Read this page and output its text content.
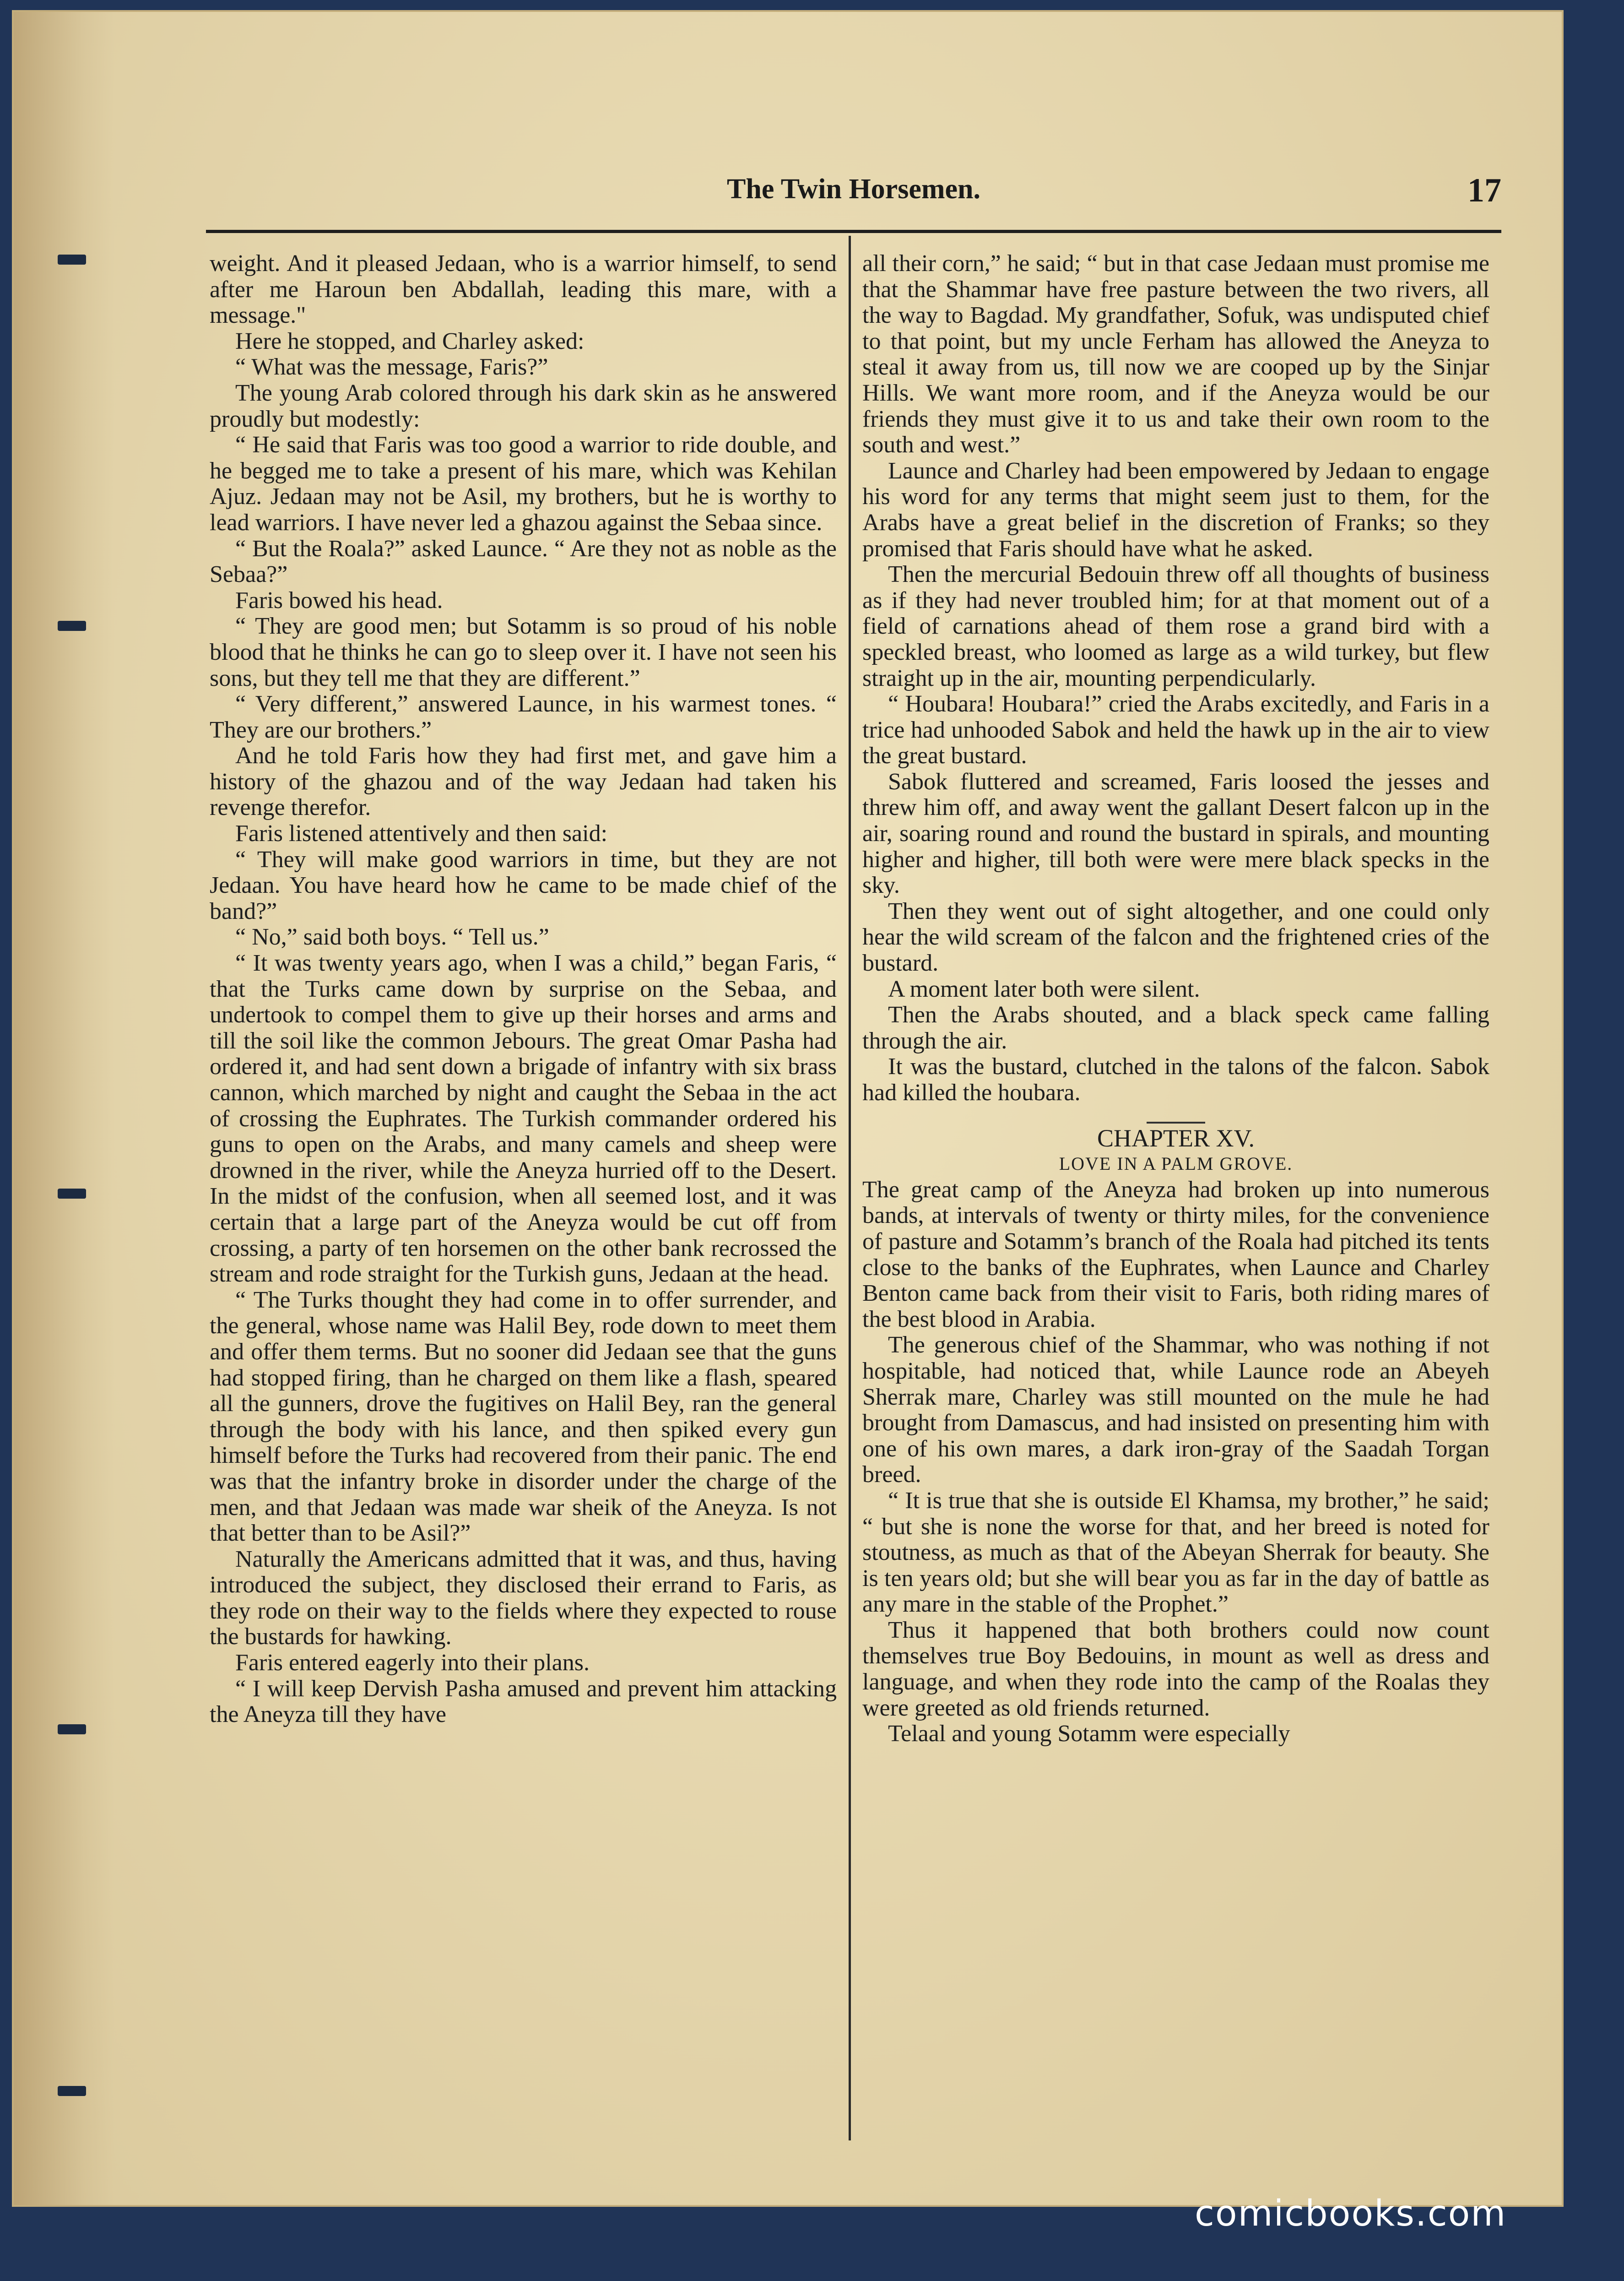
The Twin Horsemen.	17

weight. And it pleased Jedaan, who is a warrior himself, to send after me Haroun ben Abdallah, leading this mare, with a message."

Here he stopped, and Charley asked:

“ What was the message, Faris?”

The young Arab colored through his dark skin as he answered proudly but modestly:

“ He said that Faris was too good a warrior to ride double, and he begged me to take a present of his mare, which was Kehilan Ajuz. Jedaan may not be Asil, my brothers, but he is worthy to lead warriors. I have never led a ghazou against the Sebaa since.

“ But the Roala?” asked Launce. “ Are they not as noble as the Sebaa?”

Faris bowed his head.

“ They are good men; but Sotamm is so proud of his noble blood that he thinks he can go to sleep over it. I have not seen his sons, but they tell me that they are different.”

“ Very different,” answered Launce, in his warmest tones. “ They are our brothers.”

And he told Faris how they had first met, and gave him a history of the ghazou and of the way Jedaan had taken his revenge therefor.

Faris listened attentively and then said:

“ They will make good warriors in time, but they are not Jedaan. You have heard how he came to be made chief of the band?”

“ No,” said both boys. “ Tell us.”

“ It was twenty years ago, when I was a child,” began Faris, “ that the Turks came down by surprise on the Sebaa, and undertook to compel them to give up their horses and arms and till the soil like the common Jebours. The great Omar Pasha had ordered it, and had sent down a brigade of infantry with six brass cannon, which marched by night and caught the Sebaa in the act of crossing the Euphrates. The Turkish commander ordered his guns to open on the Arabs, and many camels and sheep were drowned in the river, while the Aneyza hurried off to the Desert. In the midst of the confusion, when all seemed lost, and it was certain that a large part of the Aneyza would be cut off from crossing, a party of ten horsemen on the other bank recrossed the stream and rode straight for the Turkish guns, Jedaan at the head.

“ The Turks thought they had come in to offer surrender, and the general, whose name was Halil Bey, rode down to meet them and offer them terms. But no sooner did Jedaan see that the guns had stopped firing, than he charged on them like a flash, speared all the gunners, drove the fugitives on Halil Bey, ran the general through the body with his lance, and then spiked every gun himself before the Turks had recovered from their panic. The end was that the infantry broke in disorder under the charge of the men, and that Jedaan was made war sheik of the Aneyza. Is not that better than to be Asil?”

Naturally the Americans admitted that it was, and thus, having introduced the subject, they disclosed their errand to Faris, as they rode on their way to the fields where they expected to rouse the bustards for hawking.

Faris entered eagerly into their plans.

“ I will keep Dervish Pasha amused and prevent him attacking the Aneyza till they have

all their corn,” he said; “ but in that case Jedaan must promise me that the Shammar have free pasture between the two rivers, all the way to Bagdad. My grandfather, Sofuk, was undisputed chief to that point, but my uncle Ferham has allowed the Aneyza to steal it away from us, till now we are cooped up by the Sinjar Hills. We want more room, and if the Aneyza would be our friends they must give it to us and take their own room to the south and west.”

Launce and Charley had been empowered by Jedaan to engage his word for any terms that might seem just to them, for the Arabs have a great belief in the discretion of Franks; so they promised that Faris should have what he asked.

Then the mercurial Bedouin threw off all thoughts of business as if they had never troubled him; for at that moment out of a field of carnations ahead of them rose a grand bird with a speckled breast, who loomed as large as a wild turkey, but flew straight up in the air, mounting perpendicularly.

“ Houbara! Houbara!” cried the Arabs excitedly, and Faris in a trice had unhooded Sabok and held the hawk up in the air to view the great bustard.

Sabok fluttered and screamed, Faris loosed the jesses and threw him off, and away went the gallant Desert falcon up in the air, soaring round and round the bustard in spirals, and mounting higher and higher, till both were were mere black specks in the sky.

Then they went out of sight altogether, and one could only hear the wild scream of the falcon and the frightened cries of the bustard.

A moment later both were silent.

Then the Arabs shouted, and a black speck came falling through the air.

It was the bustard, clutched in the talons of the falcon. Sabok had killed the houbara.

CHAPTER XV.
LOVE IN A PALM GROVE.

The great camp of the Aneyza had broken up into numerous bands, at intervals of twenty or thirty miles, for the convenience of pasture and Sotamm’s branch of the Roala had pitched its tents close to the banks of the Euphrates, when Launce and Charley Benton came back from their visit to Faris, both riding mares of the best blood in Arabia.

The generous chief of the Shammar, who was nothing if not hospitable, had noticed that, while Launce rode an Abeyeh Sherrak mare, Charley was still mounted on the mule he had brought from Damascus, and had insisted on presenting him with one of his own mares, a dark iron-gray of the Saadah Torgan breed.

“ It is true that she is outside El Khamsa, my brother,” he said; “ but she is none the worse for that, and her breed is noted for stoutness, as much as that of the Abeyan Sherrak for beauty. She is ten years old; but she will bear you as far in the day of battle as any mare in the stable of the Prophet.”

Thus it happened that both brothers could now count themselves true Boy Bedouins, in mount as well as dress and language, and when they rode into the camp of the Roalas they were greeted as old friends returned.

Telaal and young Sotamm were especially

comicbooks.com
